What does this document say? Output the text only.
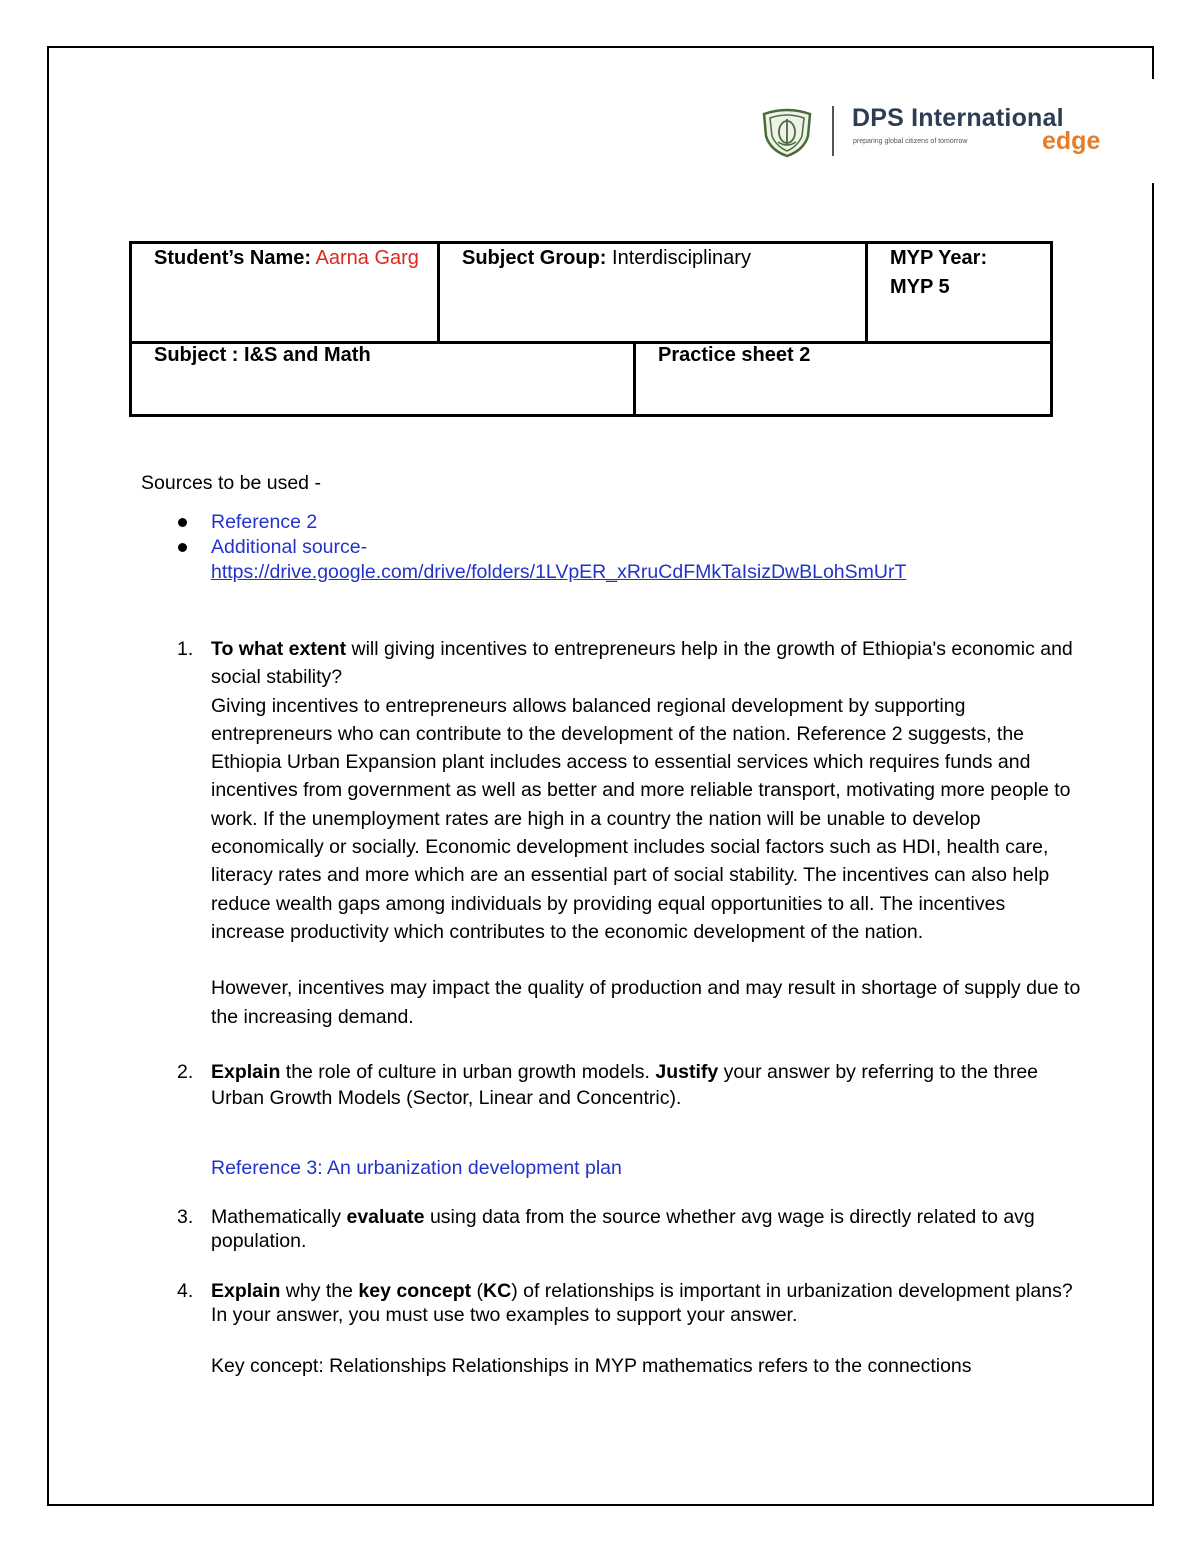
DPS International
preparing global citizens of tomorrow	edge
Student’s Name: Aarna Garg	Subject Group: Interdisciplinary		MYP Year:
MYP 5
Subject : I&S and Math		Practice sheet 2	

Sources to be used -

Reference 2
Additional source-
https://drive.google.com/drive/folders/1LVpER_xRruCdFMkTaIsizDwBLohSmUrT
1. To what extent will giving incentives to entrepreneurs help in the growth of Ethiopia's economic and social stability?

Giving incentives to entrepreneurs allows balanced regional development by supporting entrepreneurs who can contribute to the development of the nation. Reference 2 suggests, the Ethiopia Urban Expansion plant includes access to essential services which requires funds and incentives from government as well as better and more reliable transport, motivating more people to work. If the unemployment rates are high in a country the nation will be unable to develop economically or socially. Economic development includes social factors such as HDI, health care, literacy rates and more which are an essential part of social stability. The incentives can also help reduce wealth gaps among individuals by providing equal opportunities to all. The incentives increase productivity which contributes to the economic development of the nation.

However, incentives may impact the quality of production and may result in shortage of supply due to the increasing demand.

2. Explain the role of culture in urban growth models. Justify your answer by referring to the three Urban Growth Models (Sector, Linear and Concentric).

Reference 3: An urbanization development plan

3. Mathematically evaluate using data from the source whether avg wage is directly related to avg population.

4. Explain why the key concept (KC) of relationships is important in urbanization development plans? In your answer, you must use two examples to support your answer.

Key concept: Relationships Relationships in MYP mathematics refers to the connections
